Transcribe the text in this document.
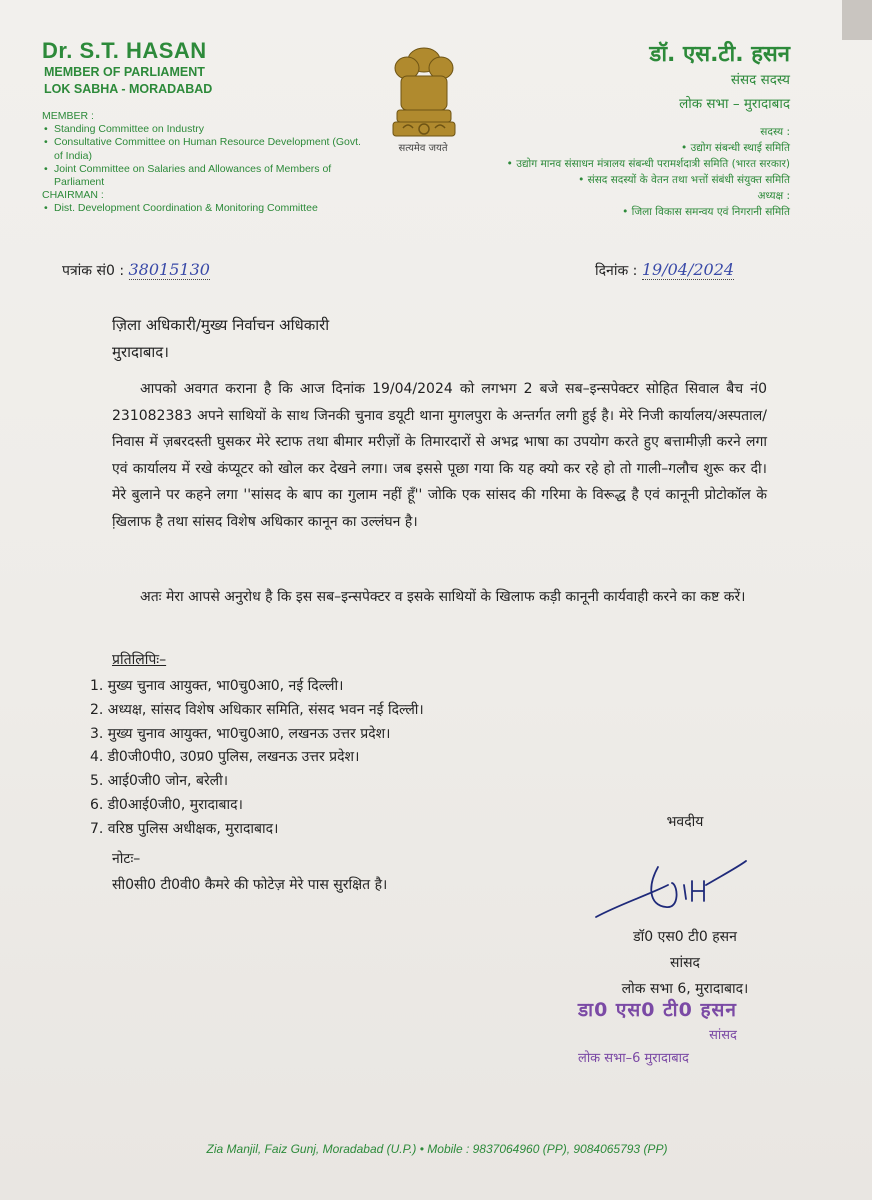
Dr. S.T. HASAN
MEMBER OF PARLIAMENT
LOK SABHA - MORADABAD
MEMBER :
• Standing Committee on Industry
• Consultative Committee on Human Resource Development (Govt. of India)
• Joint Committee on Salaries and Allowances of Members of Parliament
CHAIRMAN :
• Dist. Development Coordination & Monitoring Committee
सत्यमेव जयते
डॉ. एस.टी. हसन
संसद सदस्य
लोक सभा – मुरादाबाद
सदस्य :
• उद्योग संबन्धी स्थाई समिति
• उद्योग मानव संसाधन मंत्रालय संबन्धी परामर्शदात्री समिति (भारत सरकार)
• संसद सदस्यों के वेतन तथा भत्तों संबंधी संयुक्त समिति
अध्यक्ष :
• जिला विकास समन्वय एवं निगरानी समिति
पत्रांक सं0 : 38015130	दिनांक : 19/04/2024
ज़िला अधिकारी/मुख्य निर्वाचन अधिकारी
मुरादाबाद।
आपको अवगत कराना है कि आज दिनांक 19/04/2024 को लगभग 2 बजे सब–इन्सपेक्टर सोहित सिवाल बैच नं0 231082383 अपने साथियों के साथ जिनकी चुनाव डयूटी थाना मुगलपुरा के अन्तर्गत लगी हुई है। मेरे निजी कार्यालय/अस्पताल/निवास में ज़बरदस्ती घुसकर मेरे स्टाफ तथा बीमार मरीज़ों के तिमारदारों से अभद्र भाषा का उपयोग करते हुए बत्तामीज़ी करने लगा एवं कार्यालय में रखे कंप्यूटर को खोल कर देखने लगा। जब इससे पूछा गया कि यह क्यो कर रहे हो तो गाली–गलौच शुरू कर दी। मेरे बुलाने पर कहने लगा ''सांसद के बाप का गुलाम नहीं हूँ'' जोकि एक सांसद की गरिमा के विरूद्ध है एवं कानूनी प्रोटोकॉल के खि़लाफ है तथा सांसद विशेष अधिकार कानून का उल्लंघन है।
अतः मेरा आपसे अनुरोध है कि इस सब–इन्सपेक्टर व इसके साथियों के खिलाफ कड़ी कानूनी कार्यवाही करने का कष्ट करें।
प्रतिलिपिः–
1. मुख्य चुनाव आयुक्त, भा0चु0आ0, नई दिल्ली।
2. अध्यक्ष, सांसद विशेष अधिकार समिति, संसद भवन नई दिल्ली।
3. मुख्य चुनाव आयुक्त, भा0चु0आ0, लखनऊ उत्तर प्रदेश।
4. डी0जी0पी0, उ0प्र0 पुलिस, लखनऊ उत्तर प्रदेश।
5. आई0जी0 जोन, बरेली।
6. डी0आई0जी0, मुरादाबाद।
7. वरिष्ठ पुलिस अधीक्षक, मुरादाबाद।
नोटः–
सी0सी0 टी0वी0 कैमरे की फोटेज़ मेरे पास सुरक्षित है।
भवदीय
डॉ0 एस0 टी0 हसन
सांसद
लोक सभा 6, मुरादाबाद।
डा0 एस0 टी0 हसन
सांसद
लोक सभा–6 मुरादाबाद
Zia Manjil, Faiz Gunj, Moradabad (U.P.) • Mobile : 9837064960 (PP), 9084065793 (PP)
